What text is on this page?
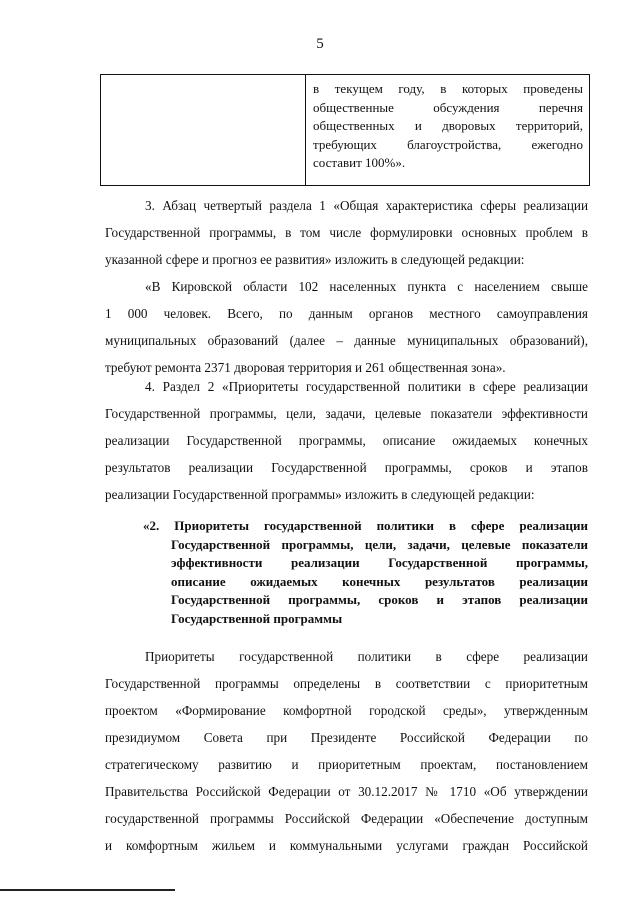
5
в текущем году, в которых проведены
общественные обсуждения перечня
общественных и дворовых территорий,
требующих благоустройства, ежегодно
составит 100%».
3. Абзац четвертый раздела 1 «Общая характеристика сферы реализации
Государственной программы, в том числе формулировки основных проблем в
указанной сфере и прогноз ее развития» изложить в следующей редакции:
«В Кировской области 102 населенных пункта с населением свыше
1 000 человек. Всего, по данным органов местного самоуправления
муниципальных образований (далее – данные муниципальных образований),
требуют ремонта 2371 дворовая территория и 261 общественная зона».
4. Раздел 2 «Приоритеты государственной политики в сфере реализации
Государственной программы, цели, задачи, целевые показатели эффективности
реализации Государственной программы, описание ожидаемых конечных
результатов реализации Государственной программы, сроков и этапов
реализации Государственной программы» изложить в следующей редакции:
«2. Приоритеты государственной политики в сфере реализации
Государственной программы, цели, задачи, целевые показатели
эффективности реализации Государственной программы,
описание ожидаемых конечных результатов реализации
Государственной программы, сроков и этапов реализации
Государственной программы
Приоритеты государственной политики в сфере реализации
Государственной программы определены в соответствии с приоритетным
проектом «Формирование комфортной городской среды», утвержденным
президиумом Совета при Президенте Российской Федерации по
стратегическому развитию и приоритетным проектам, постановлением
Правительства Российской Федерации от 30.12.2017 № 1710 «Об утверждении
государственной программы Российской Федерации «Обеспечение доступным
и комфортным жильем и коммунальными услугами граждан Российской
